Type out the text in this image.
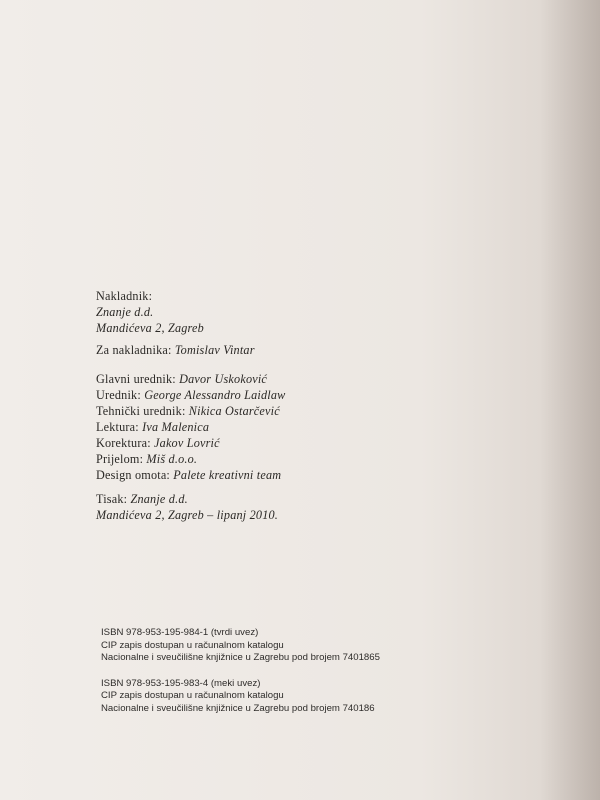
Nakladnik:
Znanje d.d.
Mandićeva 2, Zagreb
Za nakladnika: Tomislav Vintar
Glavni urednik: Davor Uskoković
Urednik: George Alessandro Laidlaw
Tehnički urednik: Nikica Ostarčević
Lektura: Iva Malenica
Korektura: Jakov Lovrić
Prijelom: Miš d.o.o.
Design omota: Palete kreativni team
Tisak: Znanje d.d.
Mandićeva 2, Zagreb – lipanj 2010.
ISBN 978-953-195-984-1 (tvrdi uvez)
CIP zapis dostupan u računalnom katalogu
Nacionalne i sveučilišne knjižnice u Zagrebu pod brojem 7401865
ISBN 978-953-195-983-4 (meki uvez)
CIP zapis dostupan u računalnom katalogu
Nacionalne i sveučilišne knjižnice u Zagrebu pod brojem 740186
